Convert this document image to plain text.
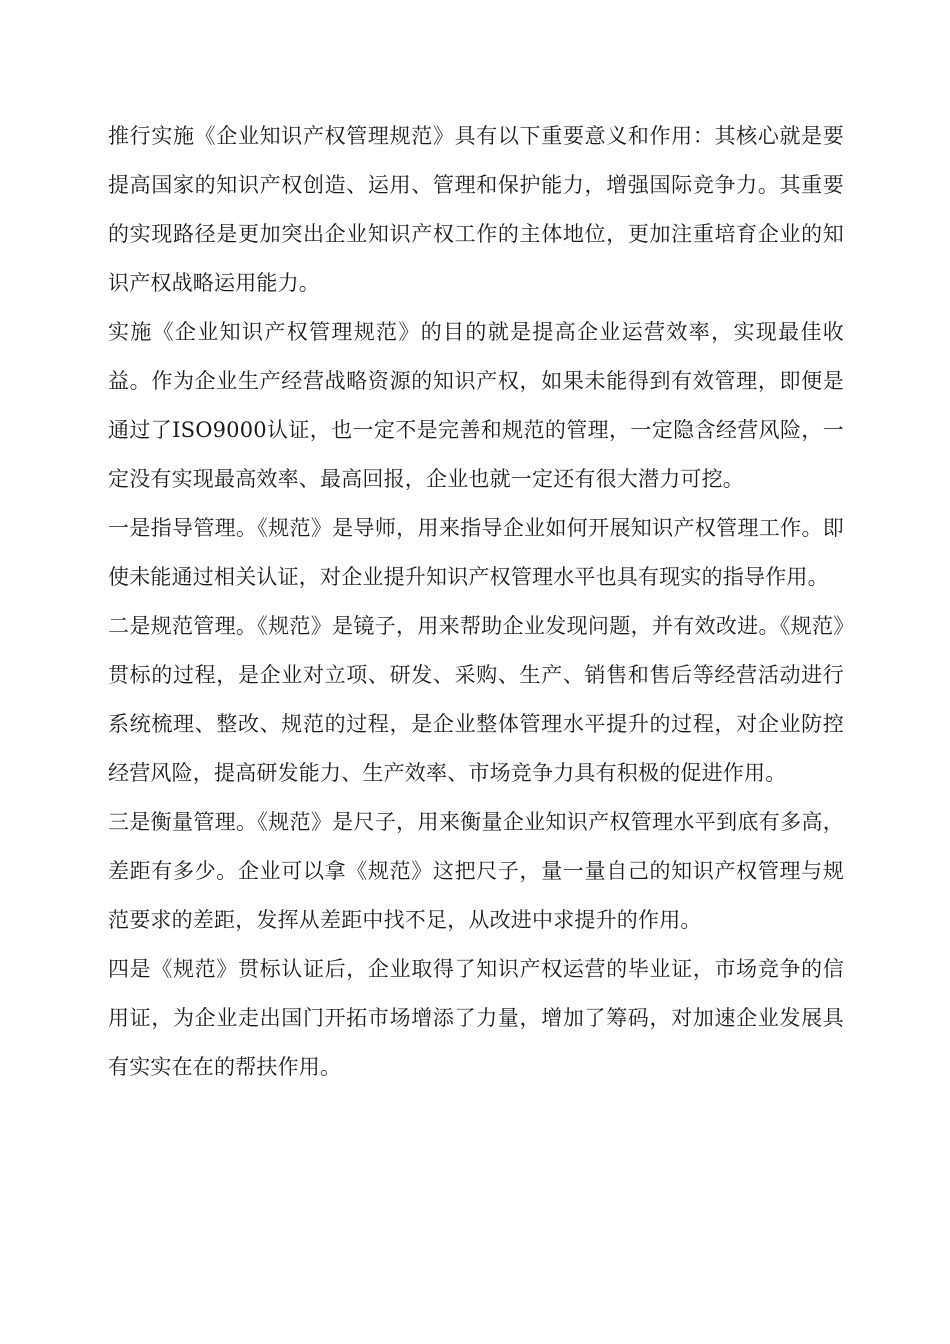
推行实施《企业知识产权管理规范》具有以下重要意义和作用：其核心就是要提高国家的知识产权创造、运用、管理和保护能力，增强国际竞争力。其重要的实现路径是更加突出企业知识产权工作的主体地位，更加注重培育企业的知识产权战略运用能力。

实施《企业知识产权管理规范》的目的就是提高企业运营效率，实现最佳收益。作为企业生产经营战略资源的知识产权，如果未能得到有效管理，即便是通过了ISO9000认证，也一定不是完善和规范的管理，一定隐含经营风险，一定没有实现最高效率、最高回报，企业也就一定还有很大潜力可挖。

一是指导管理。《规范》是导师，用来指导企业如何开展知识产权管理工作。即使未能通过相关认证，对企业提升知识产权管理水平也具有现实的指导作用。

二是规范管理。《规范》是镜子，用来帮助企业发现问题，并有效改进。《规范》贯标的过程，是企业对立项、研发、采购、生产、销售和售后等经营活动进行系统梳理、整改、规范的过程，是企业整体管理水平提升的过程，对企业防控经营风险，提高研发能力、生产效率、市场竞争力具有积极的促进作用。

三是衡量管理。《规范》是尺子，用来衡量企业知识产权管理水平到底有多高，差距有多少。企业可以拿《规范》这把尺子，量一量自己的知识产权管理与规范要求的差距，发挥从差距中找不足，从改进中求提升的作用。

四是《规范》贯标认证后，企业取得了知识产权运营的毕业证，市场竞争的信用证，为企业走出国门开拓市场增添了力量，增加了筹码，对加速企业发展具有实实在在的帮扶作用。
